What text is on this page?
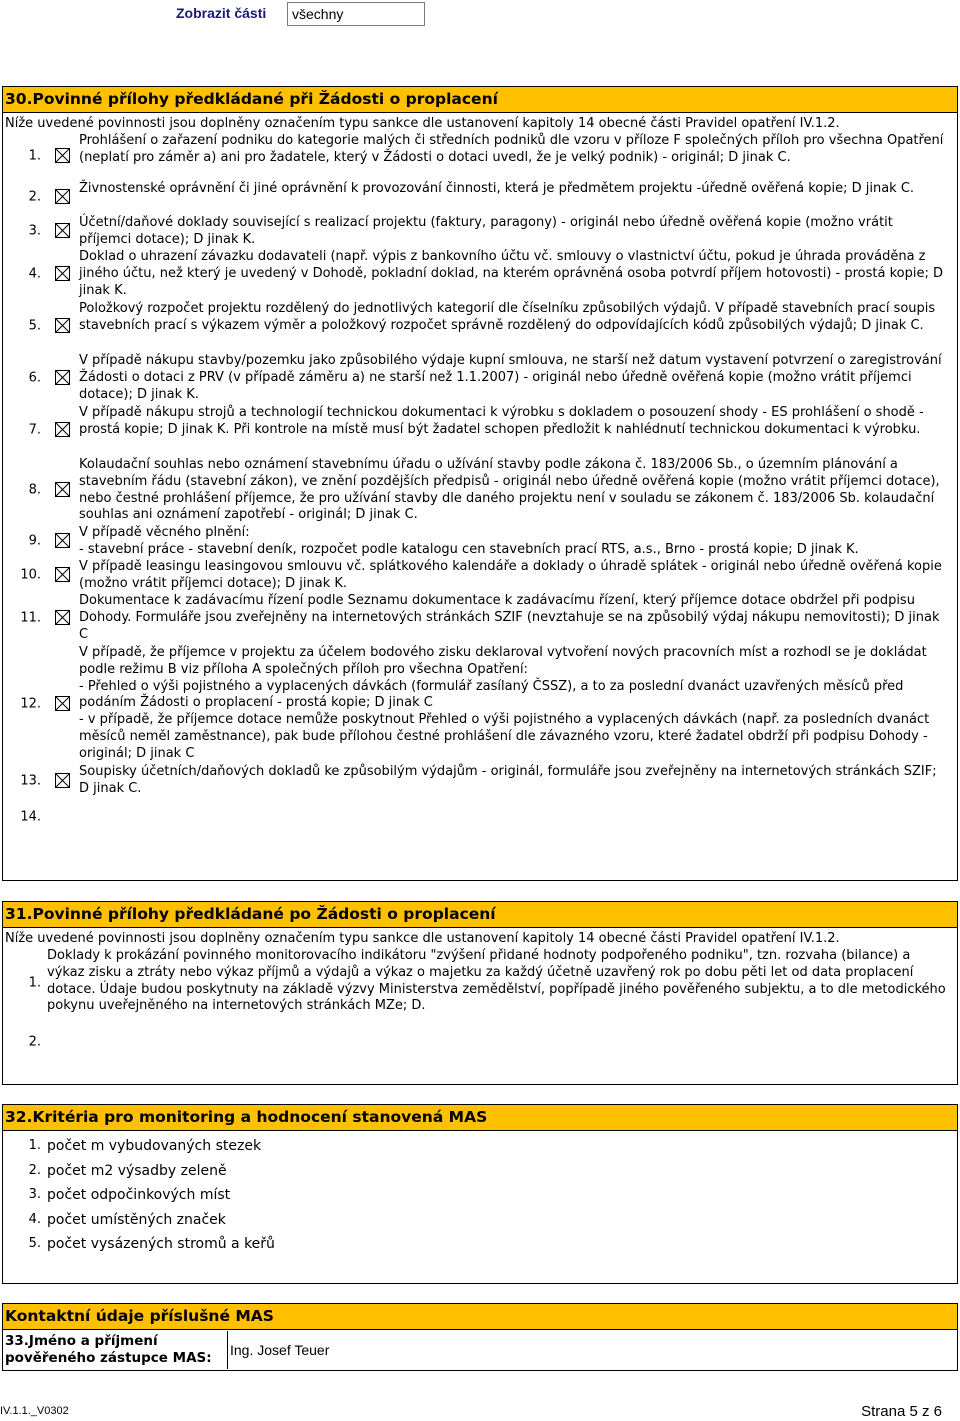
Zobrazit části	všechny
30.Povinné přílohy předkládané při Žádosti o proplacení
Níže uvedené povinnosti jsou doplněny označením typu sankce dle ustanovení kapitoly 14 obecné části Pravidel opatření IV.1.2.
1.
Prohlášení o zařazení podniku do kategorie malých či středních podniků dle vzoru v příloze F společných příloh pro všechna Opatření (neplatí pro záměr a) ani pro žadatele, který v Žádosti o dotaci uvedl, že je velký podnik) - originál; D jinak C.
2.
Živnostenské oprávnění či jiné oprávnění k provozování činnosti, která je předmětem projektu -úředně ověřená kopie; D jinak C.
3.
Účetní/daňové doklady související s realizací projektu (faktury, paragony) - originál nebo úředně ověřená kopie (možno vrátit příjemci dotace); D jinak K.
4.
Doklad o uhrazení závazku dodavateli (např. výpis z bankovního účtu vč. smlouvy o vlastnictví účtu, pokud je úhrada prováděna z jiného účtu, než který je uvedený v Dohodě, pokladní doklad, na kterém oprávněná osoba potvrdí příjem hotovosti) - prostá kopie; D jinak K.
5.
Položkový rozpočet projektu rozdělený do jednotlivých kategorií dle číselníku způsobilých výdajů. V případě stavebních prací soupis stavebních prací s výkazem výměr a položkový rozpočet správně rozdělený do odpovídajících kódů způsobilých výdajů; D jinak C.
6.
V případě nákupu stavby/pozemku jako způsobilého výdaje kupní smlouva, ne starší než datum vystavení potvrzení o zaregistrování Žádosti o dotaci z PRV (v případě záměru a) ne starší než 1.1.2007) - originál nebo úředně ověřená kopie (možno vrátit příjemci dotace); D jinak K.
7.
V případě nákupu strojů a technologií technickou dokumentaci k výrobku s dokladem o posouzení shody - ES prohlášení o shodě - prostá kopie; D jinak K. Při kontrole na místě musí být žadatel schopen předložit k nahlédnutí technickou dokumentaci k výrobku.
8.
Kolaudační souhlas nebo oznámení stavebnímu úřadu o užívání stavby podle zákona č. 183/2006 Sb., o územním plánování a stavebním řádu (stavební zákon), ve znění pozdějších předpisů - originál nebo úředně ověřená kopie (možno vrátit příjemci dotace), nebo čestné prohlášení příjemce, že pro užívání stavby dle daného projektu není v souladu se zákonem č. 183/2006 Sb. kolaudační souhlas ani oznámení zapotřebí - originál; D jinak C.
9.
V případě věcného plnění:
- stavební práce - stavební deník, rozpočet podle katalogu cen stavebních prací RTS, a.s., Brno - prostá kopie; D jinak K.
10.
V případě leasingu leasingovou smlouvu vč. splátkového kalendáře a doklady o úhradě splátek - originál nebo úředně ověřená kopie (možno vrátit příjemci dotace); D jinak K.
11.
Dokumentace k zadávacímu řízení podle Seznamu dokumentace k zadávacímu řízení, který příjemce dotace obdržel při podpisu Dohody. Formuláře jsou zveřejněny na internetových stránkách SZIF (nevztahuje se na způsobilý výdaj nákupu nemovitosti); D jinak C
12.
V případě, že příjemce v projektu za účelem bodového zisku deklaroval vytvoření nových pracovních míst a rozhodl se je dokládat podle režimu B viz příloha A společných příloh pro všechna Opatření:
- Přehled o výši pojistného a vyplacených dávkách (formulář zasílaný ČSSZ), a to za poslední dvanáct uzavřených měsíců před podáním Žádosti o proplacení - prostá kopie; D jinak C
- v případě, že příjemce dotace nemůže poskytnout Přehled o výši pojistného a vyplacených dávkách (např. za posledních dvanáct měsíců neměl zaměstnance), pak bude přílohou čestné prohlášení dle závazného vzoru, které žadatel obdrží při podpisu Dohody - originál; D jinak C
13.
Soupisky účetních/daňových dokladů ke způsobilým výdajům - originál, formuláře jsou zveřejněny na internetových stránkách SZIF; D jinak C.
14.
31.Povinné přílohy předkládané po Žádosti o proplacení
Níže uvedené povinnosti jsou doplněny označením typu sankce dle ustanovení kapitoly 14 obecné části Pravidel opatření IV.1.2.
1.
Doklady k prokázání povinného monitorovacího indikátoru "zvýšení přidané hodnoty podpořeného podniku", tzn. rozvaha (bilance) a výkaz zisku a ztráty nebo výkaz příjmů a výdajů a výkaz o majetku za každý účetně uzavřený rok po dobu pěti let od data proplacení dotace. Údaje budou poskytnuty na základě výzvy Ministerstva zemědělství, popřípadě jiného pověřeného subjektu, a to dle metodického pokynu uveřejněného na internetových stránkách MZe; D.
2.
32.Kritéria pro monitoring a hodnocení stanovená MAS
1. počet m vybudovaných stezek
2. počet m2 výsadby zeleně
3. počet odpočinkových míst
4. počet umístěných značek
5. počet vysázených stromů a keřů
Kontaktní údaje příslušné MAS
33.Jméno a příjmení pověřeného zástupce MAS:	Ing. Josef Teuer
IV.1.1._V0302	Strana 5 z 6
